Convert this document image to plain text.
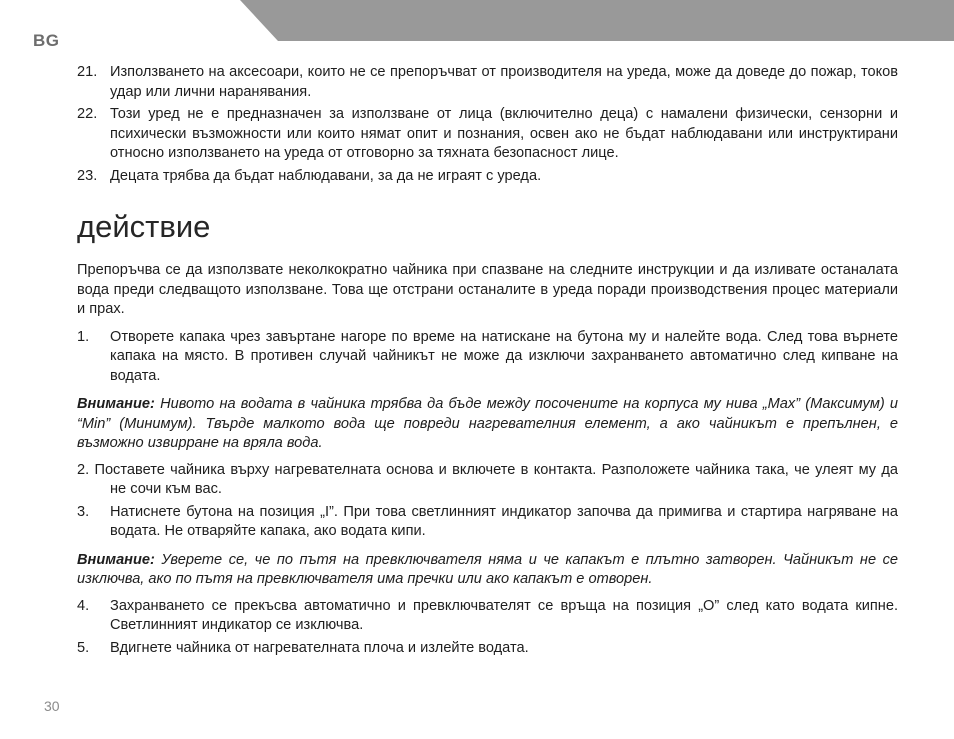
BG
21. Използването на аксесоари, които не се препоръчват от производителя на уреда, може да доведе до пожар, токов удар или лични наранявания.
22. Този уред не е предназначен за използване от лица (включително деца) с намалени физически, сензорни и психически възможности или които нямат опит и познания, освен ако не бъдат наблюдавани или инструктирани относно използването на уреда от отговорно за тяхната безопасност лице.
23. Децата трябва да бъдат наблюдавани, за да не играят с уреда.
действие

Препоръчва се да използвате неколкократно чайника при спазване на следните инструкции и да изливате останалата вода преди следващото използване. Това ще отстрани останалите в уреда поради производствения процес материали и прах.

1.	Отворете капака чрез завъртане нагоре по време на натискане на бутона му и налейте вода. След това върнете капака на място. В противен случай чайникът не може да изключи захранването автоматично след кипване на водата.

Внимание: Нивото на водата в чайника трябва да бъде между посочените на корпуса му нива „Max” (Максимум) и “Min” (Минимум). Твърде малкото вода ще повреди нагревателния елемент, а ако чайникът е препълнен, е възможно извирране на вряла вода.

2. Поставете чайника върху нагревателната основа и включете в контакта. Разположете чайника така, че улеят му да не сочи към вас.

3.	Натиснете бутона на позиция „I”. При това светлинният индикатор започва да примигва и стартира нагряване на водата. Не отваряйте капака, ако водата кипи.

Внимание: Уверете се, че по пътя на превключвателя няма и че капакът е плътно затворен. Чайникът не се изключва, ако по пътя на превключвателя има пречки или ако капакът е отворен.

4.	Захранването се прекъсва автоматично и превключвателят се връща на позиция „O” след като водата кипне. Светлинният индикатор се изключва.
5.	Вдигнете чайника от нагревателната плоча и излейте водата.
30
